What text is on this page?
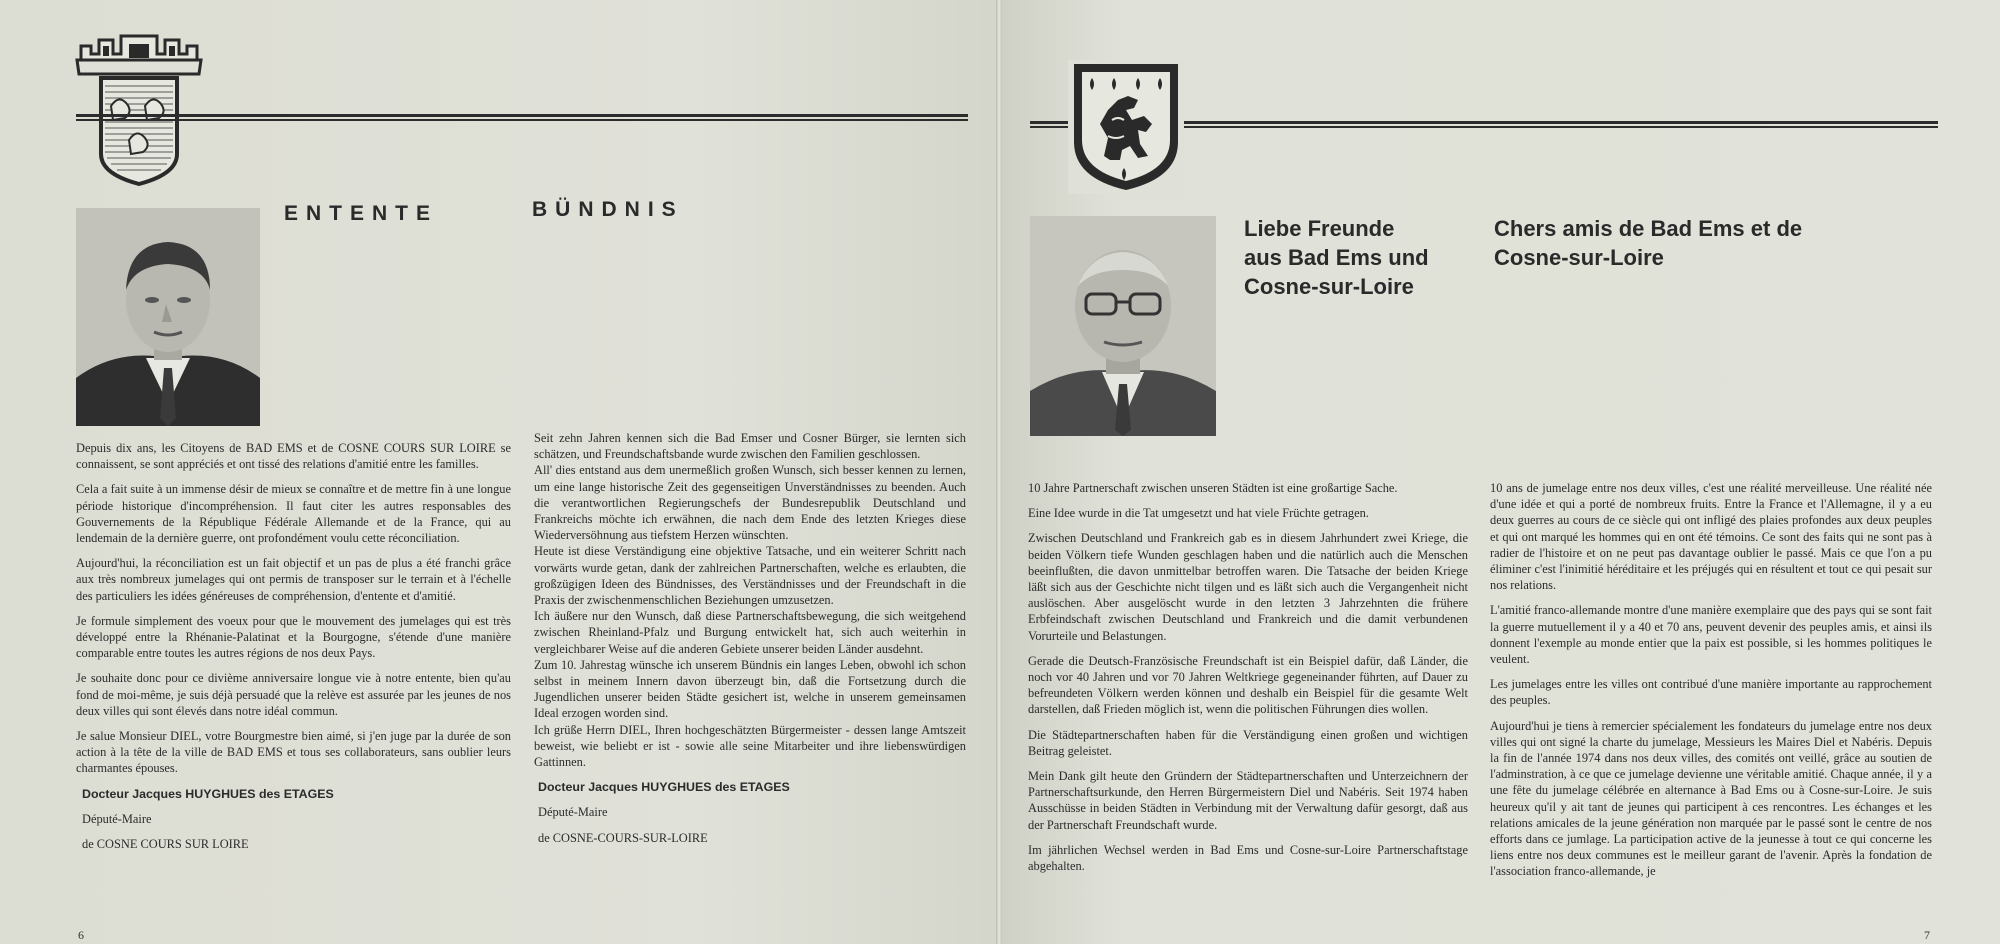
ENTENTE	BÜNDNIS

Depuis dix ans, les Citoyens de BAD EMS et de COSNE COURS SUR LOIRE se connaissent, se sont appréciés et ont tissé des relations d'amitié entre les familles.

Cela a fait suite à un immense désir de mieux se connaître et de mettre fin à une longue période historique d'incompréhension. Il faut citer les autres responsables des Gouvernements de la République Fédérale Allemande et de la France, qui au lendemain de la dernière guerre, ont profondément voulu cette réconciliation.

Aujourd'hui, la réconciliation est un fait objectif et un pas de plus a été franchi grâce aux très nombreux jumelages qui ont permis de transposer sur le terrain et à l'échelle des particuliers les idées généreuses de compréhension, d'entente et d'amitié.

Je formule simplement des voeux pour que le mouvement des jumelages qui est très développé entre la Rhénanie-Palatinat et la Bourgogne, s'étende d'une manière comparable entre toutes les autres régions de nos deux Pays.

Je souhaite donc pour ce divième anniversaire longue vie à notre entente, bien qu'au fond de moi-même, je suis déjà persuadé que la relève est assurée par les jeunes de nos deux villes qui sont élevés dans notre idéal commun.

Je salue Monsieur DIEL, votre Bourgmestre bien aimé, si j'en juge par la durée de son action à la tête de la ville de BAD EMS et tous ses collaborateurs, sans oublier leurs charmantes épouses.

Docteur Jacques HUYGHUES des ETAGES
Député-Maire
de COSNE COURS SUR LOIRE

Seit zehn Jahren kennen sich die Bad Emser und Cosner Bürger, sie lernten sich schätzen, und Freundschaftsbande wurde zwischen den Familien geschlossen.

All' dies entstand aus dem unermeßlich großen Wunsch, sich besser kennen zu lernen, um eine lange historische Zeit des gegenseitigen Unverständnisses zu beenden. Auch die verantwortlichen Regierungschefs der Bundesrepublik Deutschland und Frankreichs möchte ich erwähnen, die nach dem Ende des letzten Krieges diese Wiederversöhnung aus tiefstem Herzen wünschten.

Heute ist diese Verständigung eine objektive Tatsache, und ein weiterer Schritt nach vorwärts wurde getan, dank der zahlreichen Partnerschaften, welche es erlaubten, die großzügigen Ideen des Bündnisses, des Verständnisses und der Freundschaft in die Praxis der zwischenmenschlichen Beziehungen umzusetzen.

Ich äußere nur den Wunsch, daß diese Partnerschaftsbewegung, die sich weitgehend zwischen Rheinland-Pfalz und Burgung entwickelt hat, sich auch weiterhin in vergleichbarer Weise auf die anderen Gebiete unserer beiden Länder ausdehnt.

Zum 10. Jahrestag wünsche ich unserem Bündnis ein langes Leben, obwohl ich schon selbst in meinem Innern davon überzeugt bin, daß die Fortsetzung durch die Jugendlichen unserer beiden Städte gesichert ist, welche in unserem gemeinsamen Ideal erzogen worden sind.

Ich grüße Herrn DIEL, Ihren hochgeschätzten Bürgermeister - dessen lange Amtszeit beweist, wie beliebt er ist - sowie alle seine Mitarbeiter und ihre liebenswürdigen Gattinnen.

Docteur Jacques HUYGHUES des ETAGES
Député-Maire
de COSNE-COURS-SUR-LOIRE
6
Liebe Freunde
aus Bad Ems und
Cosne-sur-Loire
Chers amis de Bad Ems et de
Cosne-sur-Loire

10 Jahre Partnerschaft zwischen unseren Städten ist eine großartige Sache.

Eine Idee wurde in die Tat umgesetzt und hat viele Früchte getragen.

Zwischen Deutschland und Frankreich gab es in diesem Jahrhundert zwei Kriege, die beiden Völkern tiefe Wunden geschlagen haben und die natürlich auch die Menschen beeinflußten, die davon unmittelbar betroffen waren. Die Tatsache der beiden Kriege läßt sich aus der Geschichte nicht tilgen und es läßt sich auch die Vergangenheit nicht auslöschen. Aber ausgelöscht wurde in den letzten 3 Jahrzehnten die frühere Erbfeindschaft zwischen Deutschland und Frankreich und die damit verbundenen Vorurteile und Belastungen.

Gerade die Deutsch-Französische Freundschaft ist ein Beispiel dafür, daß Länder, die noch vor 40 Jahren und vor 70 Jahren Weltkriege gegeneinander führten, auf Dauer zu befreundeten Völkern werden können und deshalb ein Beispiel für die gesamte Welt darstellen, daß Frieden möglich ist, wenn die politischen Führungen dies wollen.

Die Städtepartnerschaften haben für die Verständigung einen großen und wichtigen Beitrag geleistet.

Mein Dank gilt heute den Gründern der Städtepartnerschaften und Unterzeichnern der Partnerschaftsurkunde, den Herren Bürgermeistern Diel und Nabéris. Seit 1974 haben Ausschüsse in beiden Städten in Verbindung mit der Verwaltung dafür gesorgt, daß aus der Partnerschaft Freundschaft wurde.

Im jährlichen Wechsel werden in Bad Ems und Cosne-sur-Loire Partnerschaftstage abgehalten.

10 ans de jumelage entre nos deux villes, c'est une réalité merveilleuse. Une réalité née d'une idée et qui a porté de nombreux fruits. Entre la France et l'Allemagne, il y a eu deux guerres au cours de ce siècle qui ont infligé des plaies profondes aux deux peuples et qui ont marqué les hommes qui en ont été témoins. Ce sont des faits qui ne sont pas à radier de l'histoire et on ne peut pas davantage oublier le passé. Mais ce que l'on a pu éliminer c'est l'inimitié héréditaire et les préjugés qui en résultent et tout ce qui pesait sur nos relations.

L'amitié franco-allemande montre d'une manière exemplaire que des pays qui se sont fait la guerre mutuellement il y a 40 et 70 ans, peuvent devenir des peuples amis, et ainsi ils donnent l'exemple au monde entier que la paix est possible, si les hommes politiques le veulent.

Les jumelages entre les villes ont contribué d'une manière importante au rapprochement des peuples.

Aujourd'hui je tiens à remercier spécialement les fondateurs du jumelage entre nos deux villes qui ont signé la charte du jumelage, Messieurs les Maires Diel et Nabéris. Depuis la fin de l'année 1974 dans nos deux villes, des comités ont veillé, grâce au soutien de l'adminstration, à ce que ce jumelage devienne une véritable amitié. Chaque année, il y a une fête du jumelage célébrée en alternance à Bad Ems ou à Cosne-sur-Loire. Je suis heureux qu'il y ait tant de jeunes qui participent à ces rencontres. Les échanges et les relations amicales de la jeune génération non marquée par le passé sont le centre de nos efforts dans ce jumlage. La participation active de la jeunesse à tout ce qui concerne les liens entre nos deux communes est le meilleur garant de l'avenir. Après la fondation de l'association franco-allemande, je

7
